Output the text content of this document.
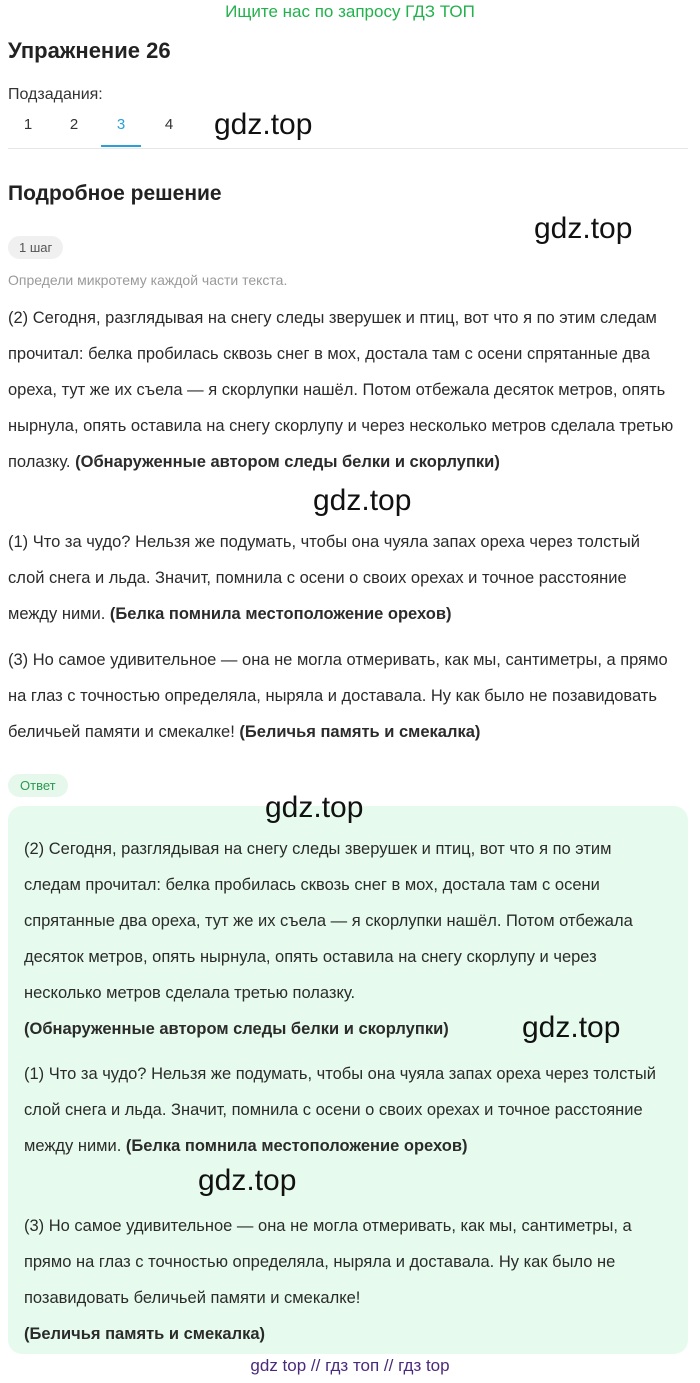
Ищите нас по запросу ГДЗ ТОП
Упражнение 26
Подзадания:
1	2	3	4	gdz.top
Подробное решение
gdz.top
1 шаг
Определи микротему каждой части текста.

(2) Сегодня, разглядывая на снегу следы зверушек и птиц, вот что я по этим следам прочитал: белка пробилась сквозь снег в мох, достала там с осени спрятанные два ореха, тут же их съела — я скорлупки нашёл. Потом отбежала десяток метров, опять нырнула, опять оставила на снегу скорлупу и через несколько метров сделала третью полазку. (Обнаруженные автором следы белки и скорлупки)

gdz.top

(1) Что за чудо? Нельзя же подумать, чтобы она чуяла запах ореха через толстый слой снега и льда. Значит, помнила с осени о своих орехах и точное расстояние между ними. (Белка помнила местоположение орехов)

(3) Но самое удивительное — она не могла отмеривать, как мы, сантиметры, а прямо на глаз с точностью определяла, ныряла и доставала. Ну как было не позавидовать беличьей памяти и смекалке! (Беличья память и смекалка)

Ответ
gdz.top

(2) Сегодня, разглядывая на снегу следы зверушек и птиц, вот что я по этим следам прочитал: белка пробилась сквозь снег в мох, достала там с осени спрятанные два ореха, тут же их съела — я скорлупки нашёл. Потом отбежала десяток метров, опять нырнула, опять оставила на снегу скорлупу и через несколько метров сделала третью полазку.
(Обнаруженные автором следы белки и скорлупки)	gdz.top

(1) Что за чудо? Нельзя же подумать, чтобы она чуяла запах ореха через толстый слой снега и льда. Значит, помнила с осени о своих орехах и точное расстояние между ними. (Белка помнила местоположение орехов)

gdz.top

(3) Но самое удивительное — она не могла отмеривать, как мы, сантиметры, а прямо на глаз с точностью определяла, ныряла и доставала. Ну как было не позавидовать беличьей памяти и смекалке!
(Беличья память и смекалка)

gdz top // гдз топ // гдз top
